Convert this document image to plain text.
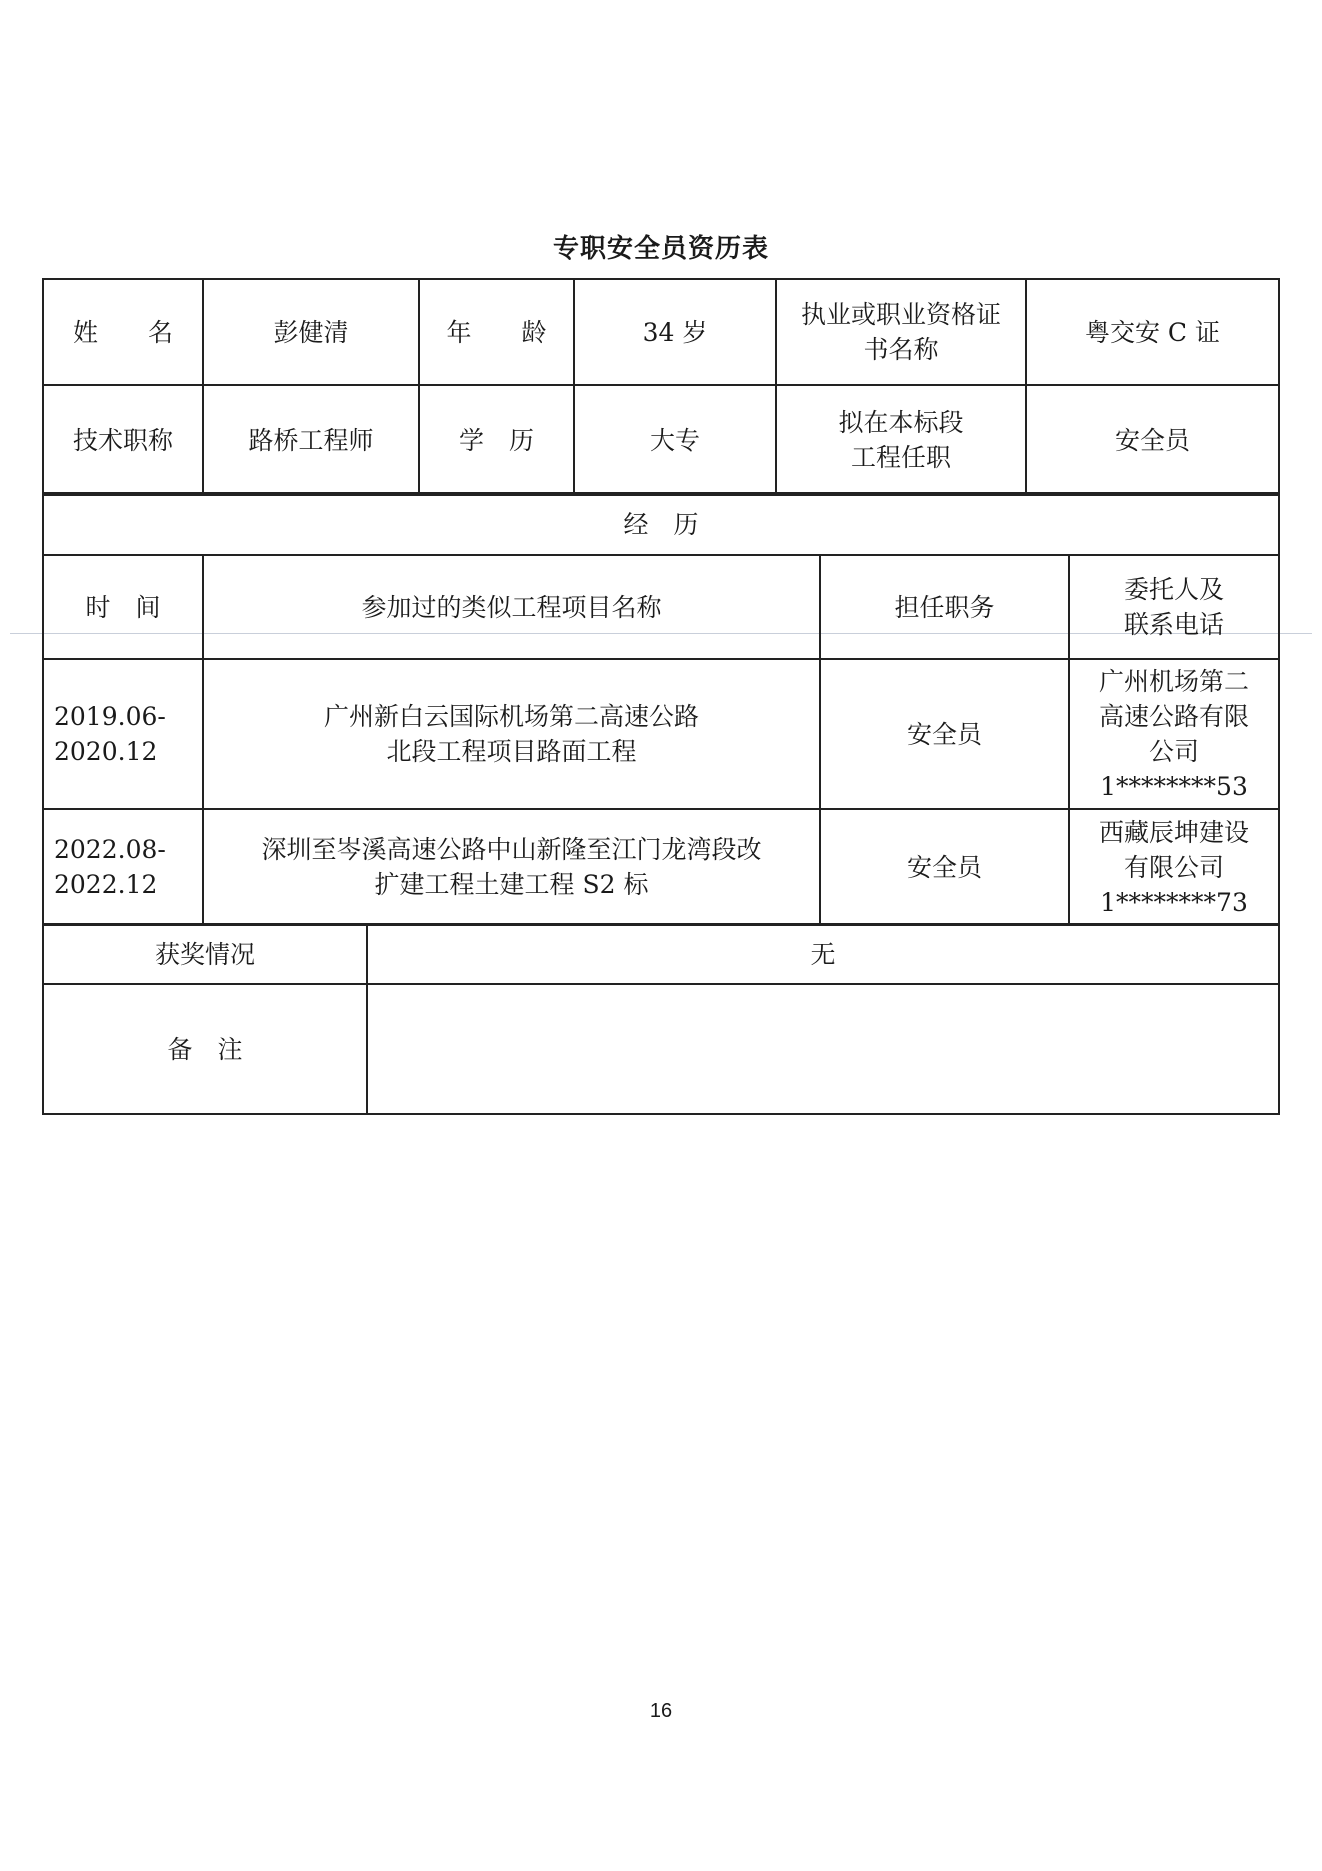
专职安全员资历表
姓　　名	彭健清	年　　龄	34 岁	执业或职业资格证
书名称	粤交安 C 证
技术职称	路桥工程师	学　历	大专	拟在本标段
工程任职	安全员
经　历			
时　间	参加过的类似工程项目名称	担任职务	委托人及
联系电话

2019.06-
2020.12	广州新白云国际机场第二高速公路
北段工程项目路面工程	安全员	广州机场第二
高速公路有限
公司
1********53

2022.08-
2022.12	深圳至岑溪高速公路中山新隆至江门龙湾段改
扩建工程土建工程 S2 标	安全员	西藏辰坤建设
有限公司
1********73
获奖情况	无
备　注	
16
